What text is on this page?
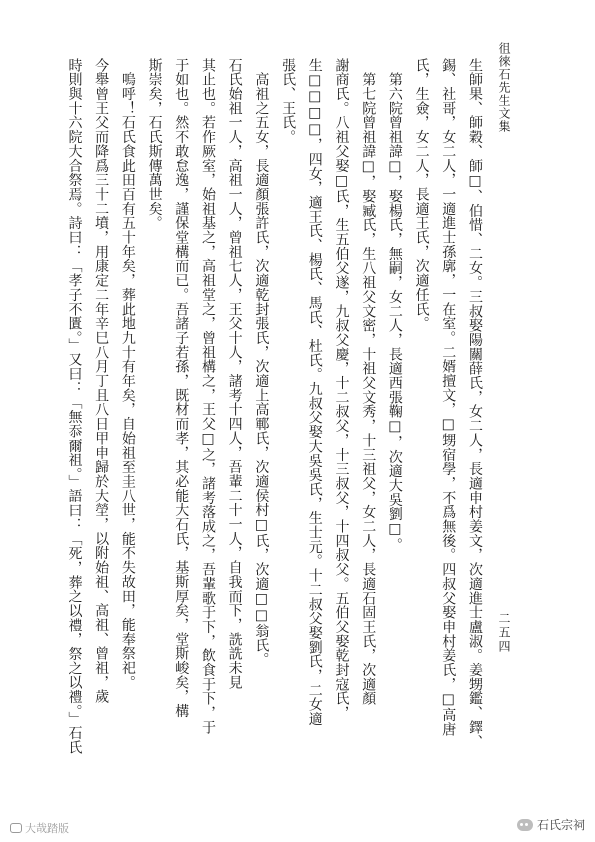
徂徠石先生文集
二五四
生師果、師穀、師□、伯惜、二女。三叔娶陽關薛氏，女二人，長適申村姜文，次適進士盧淑。姜甥鑑、鐸、
錫、社哥，女二人，一適進士孫廓，一在室。二婿擅文，□甥宿學，不爲無後。四叔父娶申村姜氏，□高唐
氏，生僉，女二人，長適王氏，次適任氏。
　第六院曾祖諱□，娶楊氏，無嗣，女二人，長適西張鞠□，次適大吳劉□。
　第七院曾祖諱□，娶臧氏，生八祖父文密，十祖父文秀，十三祖父，女二人，長適石固王氏，次適顏
謝商氏。八祖父娶□氏，生五伯父遂，九叔父慶，十二叔父，十三叔父，十四叔父。五伯父娶乾封寇氏，
生□□□□，四女，適王氏、楊氏、馬氏、杜氏。九叔父娶大吳吳氏，生士元。十二叔父娶劉氏，二女適
張氏、王氏。
　高祖之五女，長適顏張許氏，次適乾封張氏，次適上高鄆氏，次適侯村□氏，次適□□翁氏。
石氏始祖一人，高祖一人，曾祖七人，王父十人，諸考十四人，吾輩二十一人，自我而下，詵詵未見
其止也。若作厥室，始祖基之，高祖堂之，曾祖構之，王父□之，諸考落成之，吾輩歌于下，飲食于下，于
于如也。然不敢怠逸，謹保堂構而已。吾諸子若孫，既材而孝，其必能大石氏，基斯厚矣，堂斯峻矣，構
斯崇矣，石氏斯傳萬世矣。
　嗚呼！石氏食此田百有五十年矣，葬此地九十有年矣，自始祖至圭八世，能不失故田，能奉祭祀。
今舉曾王父而降爲三十二墳，用康定二年辛巳八月丁且八日甲申歸於大塋，以附始祖、高祖、曾祖，歲
時則與十六院大合祭焉。詩曰：「孝子不匱。」又曰：「無忝爾祖。」語曰：「死，葬之以禮，祭之以禮。」石氏
大哉踏版	石氏宗祠
